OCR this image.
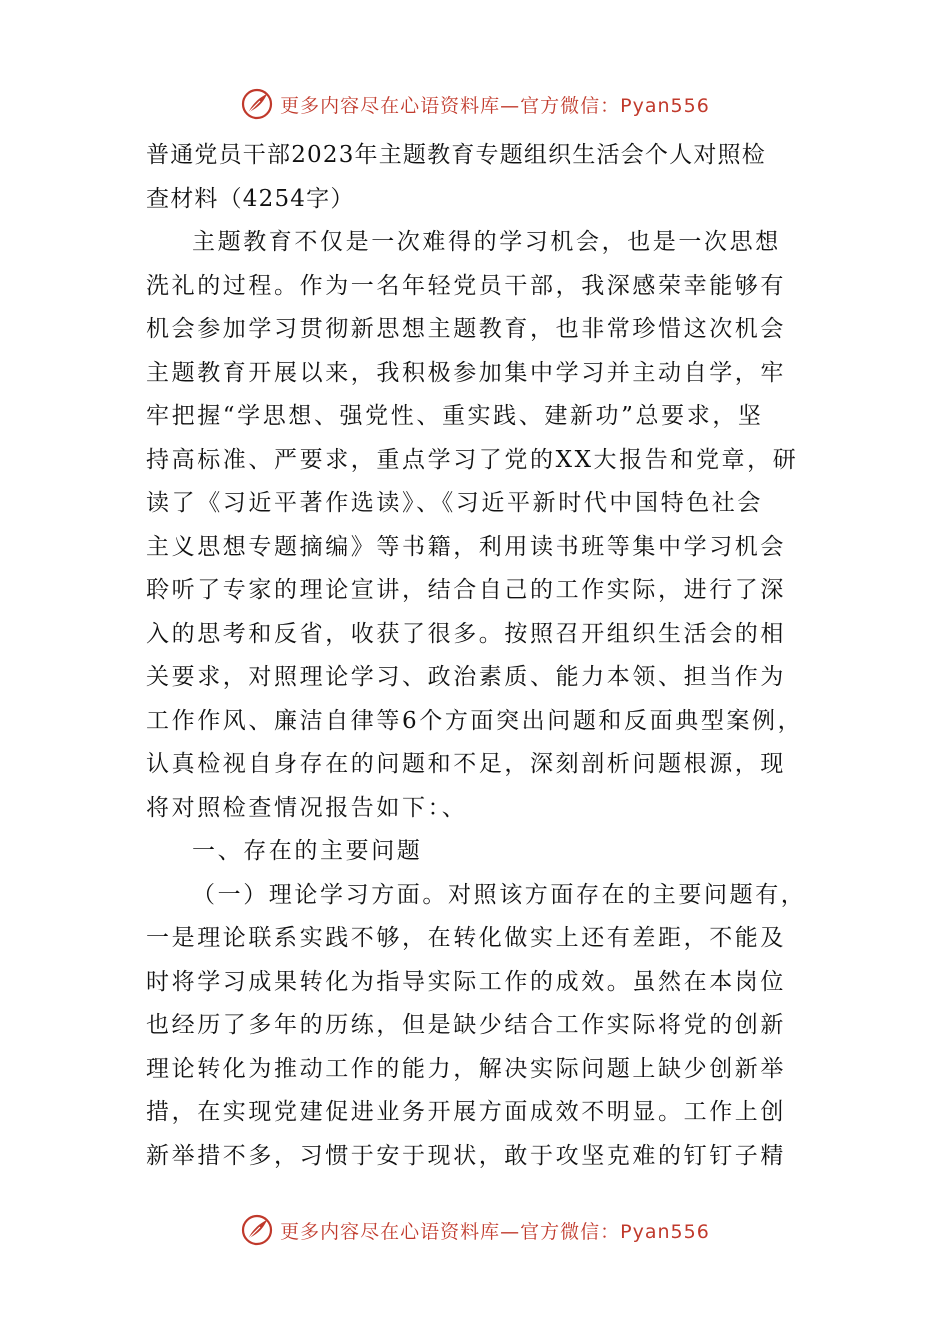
更多内容尽在心语资料库—官方微信：Pyan556
普通党员干部2023年主题教育专题组织生活会个人对照检
查材料（4254字）
主题教育不仅是一次难得的学习机会，也是一次思想
洗礼的过程。作为一名年轻党员干部，我深感荣幸能够有
机会参加学习贯彻新思想主题教育，也非常珍惜这次机会
主题教育开展以来，我积极参加集中学习并主动自学，牢
牢把握“学思想、强党性、重实践、建新功”总要求，坚
持高标准、严要求，重点学习了党的XX大报告和党章，研
读了《习近平著作选读》、《习近平新时代中国特色社会
主义思想专题摘编》等书籍，利用读书班等集中学习机会
聆听了专家的理论宣讲，结合自己的工作实际，进行了深
入的思考和反省，收获了很多。按照召开组织生活会的相
关要求，对照理论学习、政治素质、能力本领、担当作为
工作作风、廉洁自律等6个方面突出问题和反面典型案例，
认真检视自身存在的问题和不足，深刻剖析问题根源，现
将对照检查情况报告如下：、
一、存在的主要问题
（一）理论学习方面。对照该方面存在的主要问题有，
一是理论联系实践不够，在转化做实上还有差距，不能及
时将学习成果转化为指导实际工作的成效。虽然在本岗位
也经历了多年的历练，但是缺少结合工作实际将党的创新
理论转化为推动工作的能力，解决实际问题上缺少创新举
措，在实现党建促进业务开展方面成效不明显。工作上创
新举措不多，习惯于安于现状，敢于攻坚克难的钉钉子精
更多内容尽在心语资料库—官方微信：Pyan556
